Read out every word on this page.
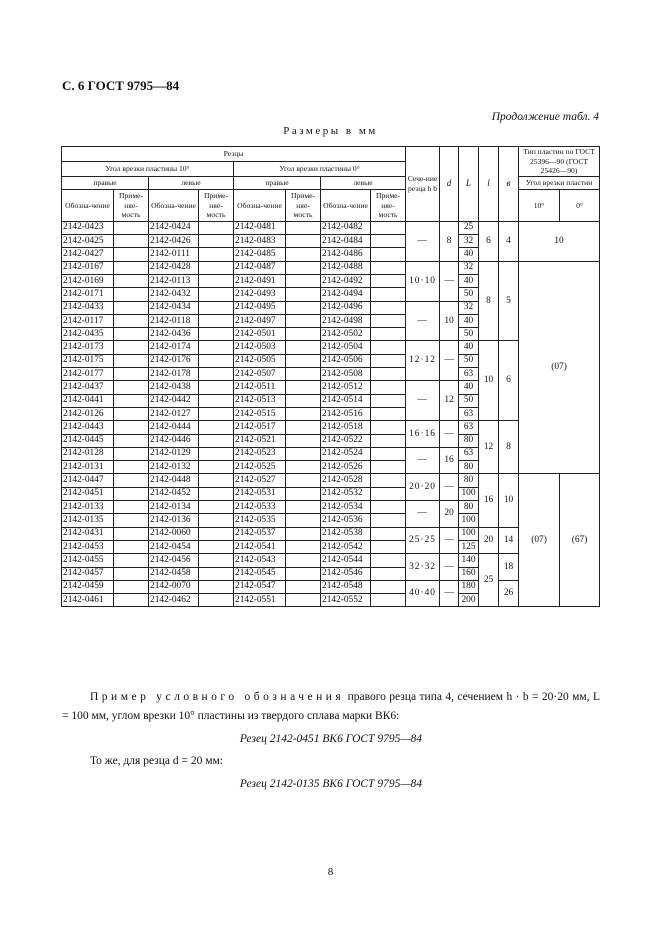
С. 6 ГОСТ 9795—84
Продолжение табл. 4
Размеры в мм
Резцы								Сече-ние резца h b	d	L	l	в	Тип пластин по ГОСТ 25396—90 (ГОСТ 25426—90)	
Угол врезки пластины 10°				Угол врезки пластины 0°										
правые		левые		правые		левые							Угол врезки пластин	
Обозна-чение	Приме-няе-мость	Обозна-чение	Приме-няе-мость	Обозна-чение	Приме-няе-мость	Обозна-чение	Приме-няе-мость						10°	0°
2142-0423		2142-0424		2142-0481		2142-0482		—	8	25	6	4	10	
2142-0425		2142-0426		2142-0483		2142-0484				32				
2142-0427		2142-0111		2142-0485		2142-0486				40				
2142-0167		2142-0428		2142-0487		2142-0488		10·10	—	32	8	5	(07)	
2142-0169		2142-0113		2142-0491		2142-0492				40				
2142-0171		2142-0432		2142-0493		2142-0494				50				
2142-0433		2142-0434		2142-0495		2142-0496		—	10	32				
2142-0117		2142-0118		2142-0497		2142-0498				40				
2142-0435		2142-0436		2142-0501		2142-0502				50				
2142-0173		2142-0174		2142-0503		2142-0504		12·12	—	40	10	6		
2142-0175		2142-0176		2142-0505		2142-0506				50				
2142-0177		2142-0178		2142-0507		2142-0508				63				
2142-0437		2142-0438		2142-0511		2142-0512		—	12	40				
2142-0441		2142-0442		2142-0513		2142-0514				50				
2142-0126		2142-0127		2142-0515		2142-0516				63				
2142-0443		2142-0444		2142-0517		2142-0518		16·16	—	63	12	8		
2142-0445		2142-0446		2142-0521		2142-0522				80				
2142-0128		2142-0129		2142-0523		2142-0524		—	16	63				
2142-0131		2142-0132		2142-0525		2142-0526				80				
2142-0447		2142-0448		2142-0527		2142-0528		20·20	—	80	16	10	(07)	(67)
2142-0451		2142-0452		2142-0531		2142-0532				100				
2142-0133		2142-0134		2142-0533		2142-0534		—	20	80				
2142-0135		2142-0136		2142-0535		2142-0536				100				
2142-0431		2142-0060		2142-0537		2142-0538		25·25	—	100	20	14		
2142-0453		2142-0454		2142-0541		2142-0542				125				
2142-0455		2142-0456		2142-0543		2142-0544		32·32	—	140	25	18		
2142-0457		2142-0458		2142-0545		2142-0546				160				
2142-0459		2142-0070		2142-0547		2142-0548		40·40	—	180		26		
2142-0461		2142-0462		2142-0551		2142-0552				200				
Пример условного обозначения правого резца типа 4, сечением h · b = 20·20 мм, L = 100 мм, углом врезки 10° пластины из твердого сплава марки ВК6:
Резец 2142-0451 ВК6 ГОСТ 9795—84
То же, для резца d = 20 мм:
Резец 2142-0135 ВК6 ГОСТ 9795—84
8
